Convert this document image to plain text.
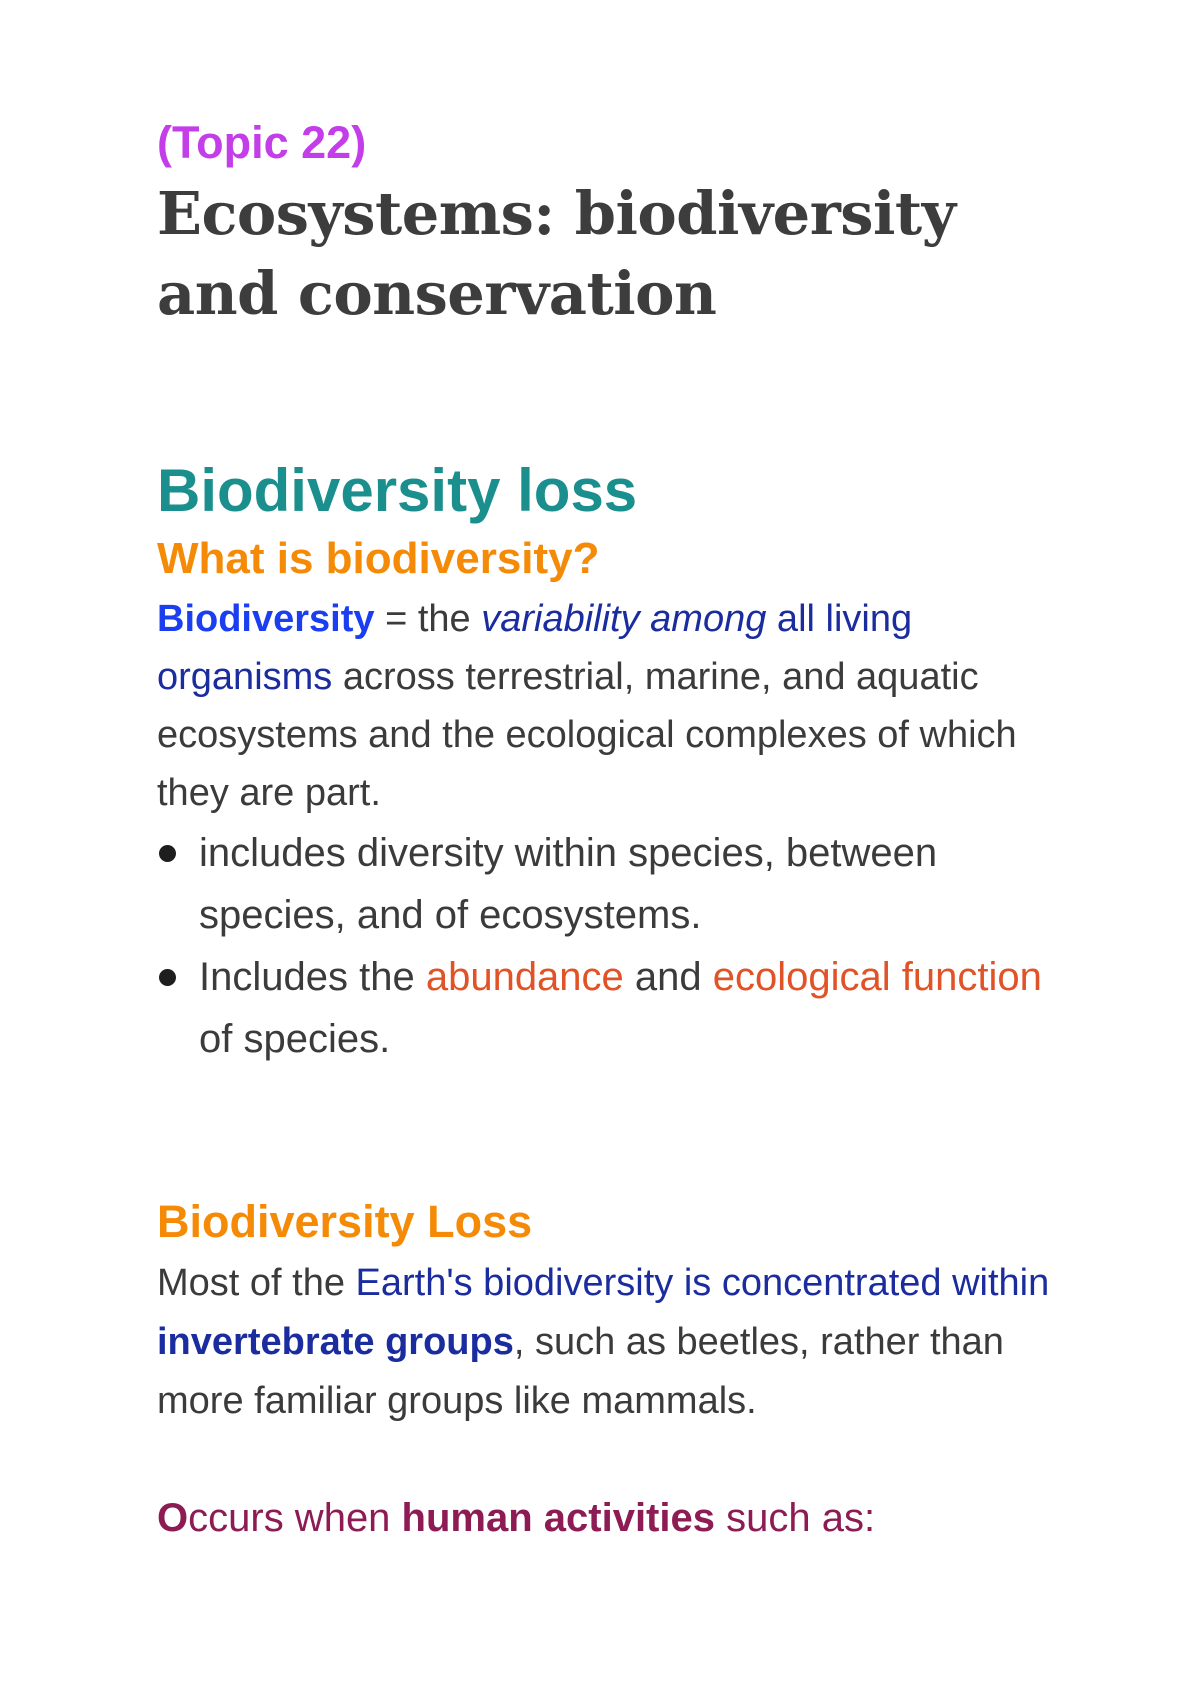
(Topic 22)

Ecosystems: biodiversity
and conservation
Biodiversity loss
What is biodiversity?

Biodiversity = the variability among all living organisms across terrestrial, marine, and aquatic ecosystems and the ecological complexes of which they are part.

includes diversity within species, between species, and of ecosystems.
Includes the abundance and ecological function of species.
Biodiversity Loss

Most of the Earth's biodiversity is concentrated within invertebrate groups, such as beetles, rather than more familiar groups like mammals.

Occurs when human activities such as:
